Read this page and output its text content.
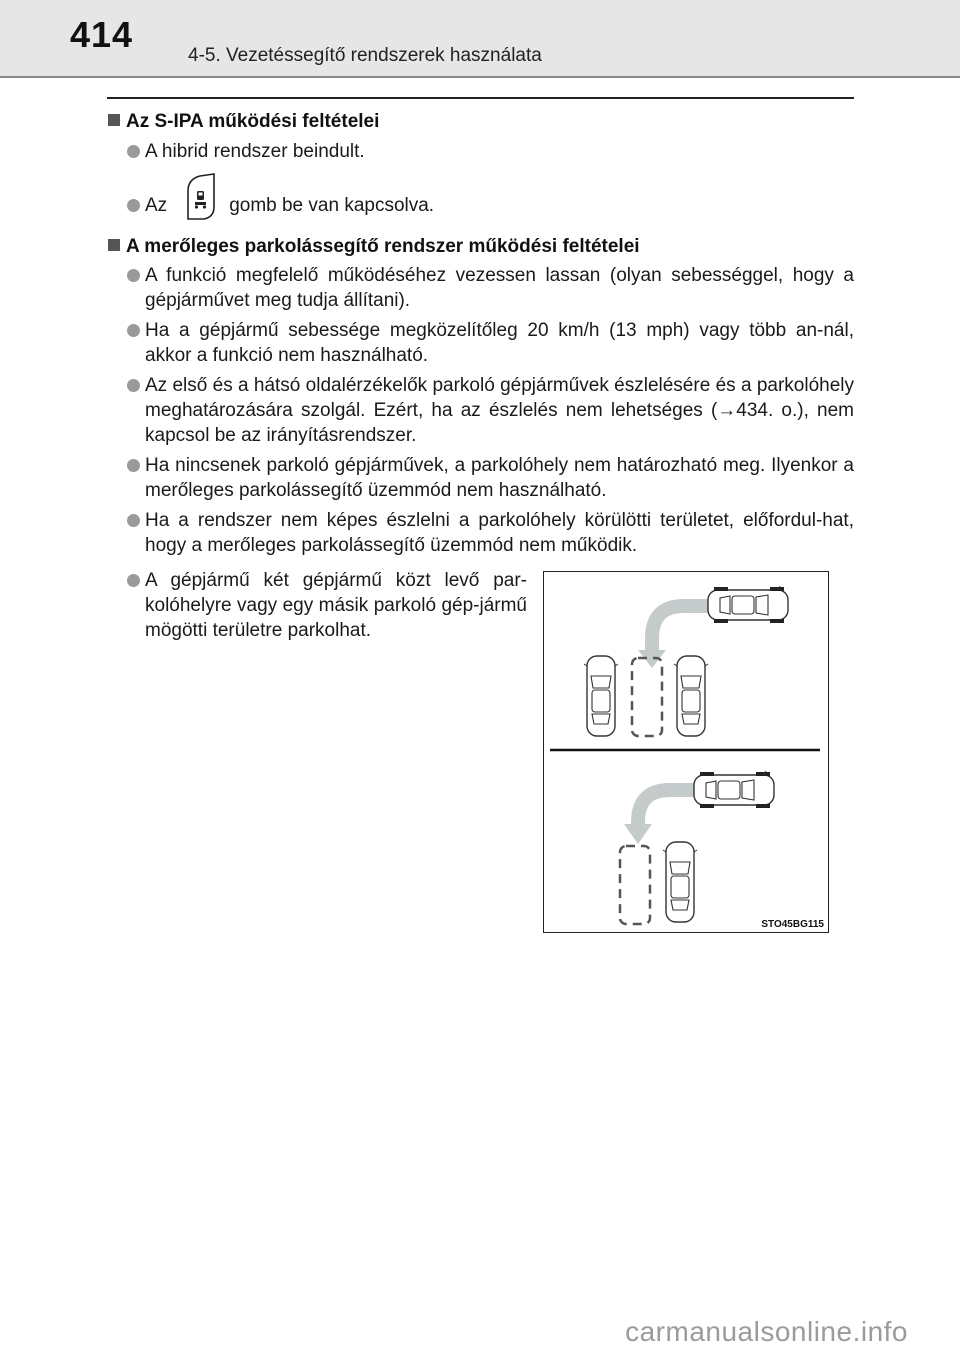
414
4-5. Vezetéssegítő rendszerek használata
Az S-IPA működési feltételei
A hibrid rendszer beindult.
Az	gomb be van kapcsolva.
A merőleges parkolássegítő rendszer működési feltételei
A funkció megfelelő működéséhez vezessen lassan (olyan sebességgel, hogy a gépjárművet meg tudja állítani).
Ha a gépjármű sebessége megközelítőleg 20 km/h (13 mph) vagy több an-nál, akkor a funkció nem használható.
Az első és a hátsó oldalérzékelők parkoló gépjárművek észlelésére és a parkolóhely meghatározására szolgál. Ezért, ha az észlelés nem lehetséges (→434. o.), nem kapcsol be az irányításrendszer.
Ha nincsenek parkoló gépjárművek, a parkolóhely nem határozható meg. Ilyenkor a merőleges parkolássegítő üzemmód nem használható.
Ha a rendszer nem képes észlelni a parkolóhely körülötti területet, előfordul-hat, hogy a merőleges parkolássegítő üzemmód nem működik.
A gépjármű két gépjármű közt levő par-kolóhelyre vagy egy másik parkoló gép-jármű mögötti területre parkolhat.
STO45BG115
carmanualsonline.info
